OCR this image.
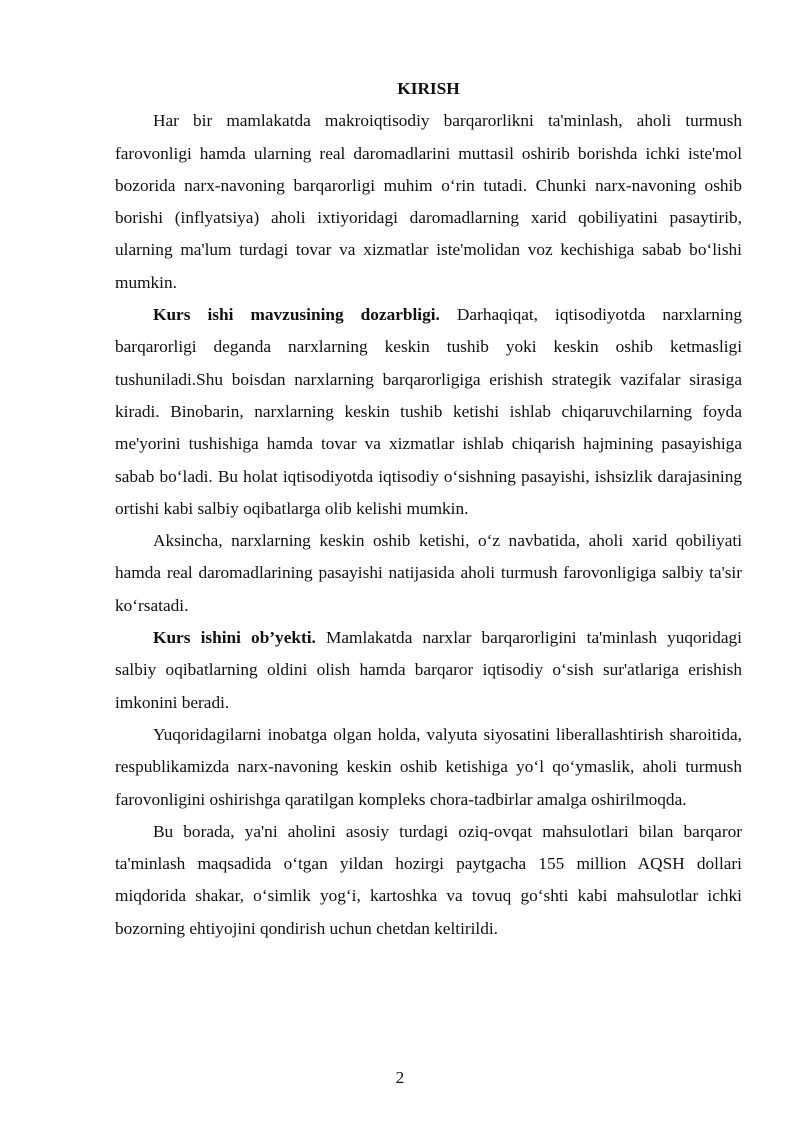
KIRISH

Har bir mamlakatda makroiqtisodiy barqarorlikni ta'minlash, aholi turmush farovonligi hamda ularning real daromadlarini muttasil oshirib borishda ichki iste'mol bozorida narx-navoning barqarorligi muhim o‘rin tutadi. Chunki narx-navoning oshib borishi (inflyatsiya) aholi ixtiyoridagi daromadlarning xarid qobiliyatini pasaytirib, ularning ma'lum turdagi tovar va xizmatlar iste'molidan voz kechishiga sabab bo‘lishi mumkin.

Kurs ishi mavzusining dozarbligi. Darhaqiqat, iqtisodiyotda narxlarning barqarorligi deganda narxlarning keskin tushib yoki keskin oshib ketmasligi tushuniladi.Shu boisdan narxlarning barqarorligiga erishish strategik vazifalar sirasiga kiradi. Binobarin, narxlarning keskin tushib ketishi ishlab chiqaruvchilarning foyda me'yorini tushishiga hamda tovar va xizmatlar ishlab chiqarish hajmining pasayishiga sabab bo‘ladi. Bu holat iqtisodiyotda iqtisodiy o‘sishning pasayishi, ishsizlik darajasining ortishi kabi salbiy oqibatlarga olib kelishi mumkin.

Aksincha, narxlarning keskin oshib ketishi, o‘z navbatida, aholi xarid qobiliyati hamda real daromadlarining pasayishi natijasida aholi turmush farovonligiga salbiy ta'sir ko‘rsatadi.

Kurs ishini ob’yekti. Mamlakatda narxlar barqarorligini ta'minlash yuqoridagi salbiy oqibatlarning oldini olish hamda barqaror iqtisodiy o‘sish sur'atlariga erishish imkonini beradi.

Yuqoridagilarni inobatga olgan holda, valyuta siyosatini liberallashtirish sharoitida, respublikamizda narx-navoning keskin oshib ketishiga yo‘l qo‘ymaslik, aholi turmush farovonligini oshirishga qaratilgan kompleks chora-tadbirlar amalga oshirilmoqda.

Bu borada, ya'ni aholini asosiy turdagi oziq-ovqat mahsulotlari bilan barqaror ta'minlash maqsadida o‘tgan yildan hozirgi paytgacha 155 million AQSH dollari miqdorida shakar, o‘simlik yog‘i, kartoshka va tovuq go‘shti kabi mahsulotlar ichki bozorning ehtiyojini qondirish uchun chetdan keltirildi.

2
